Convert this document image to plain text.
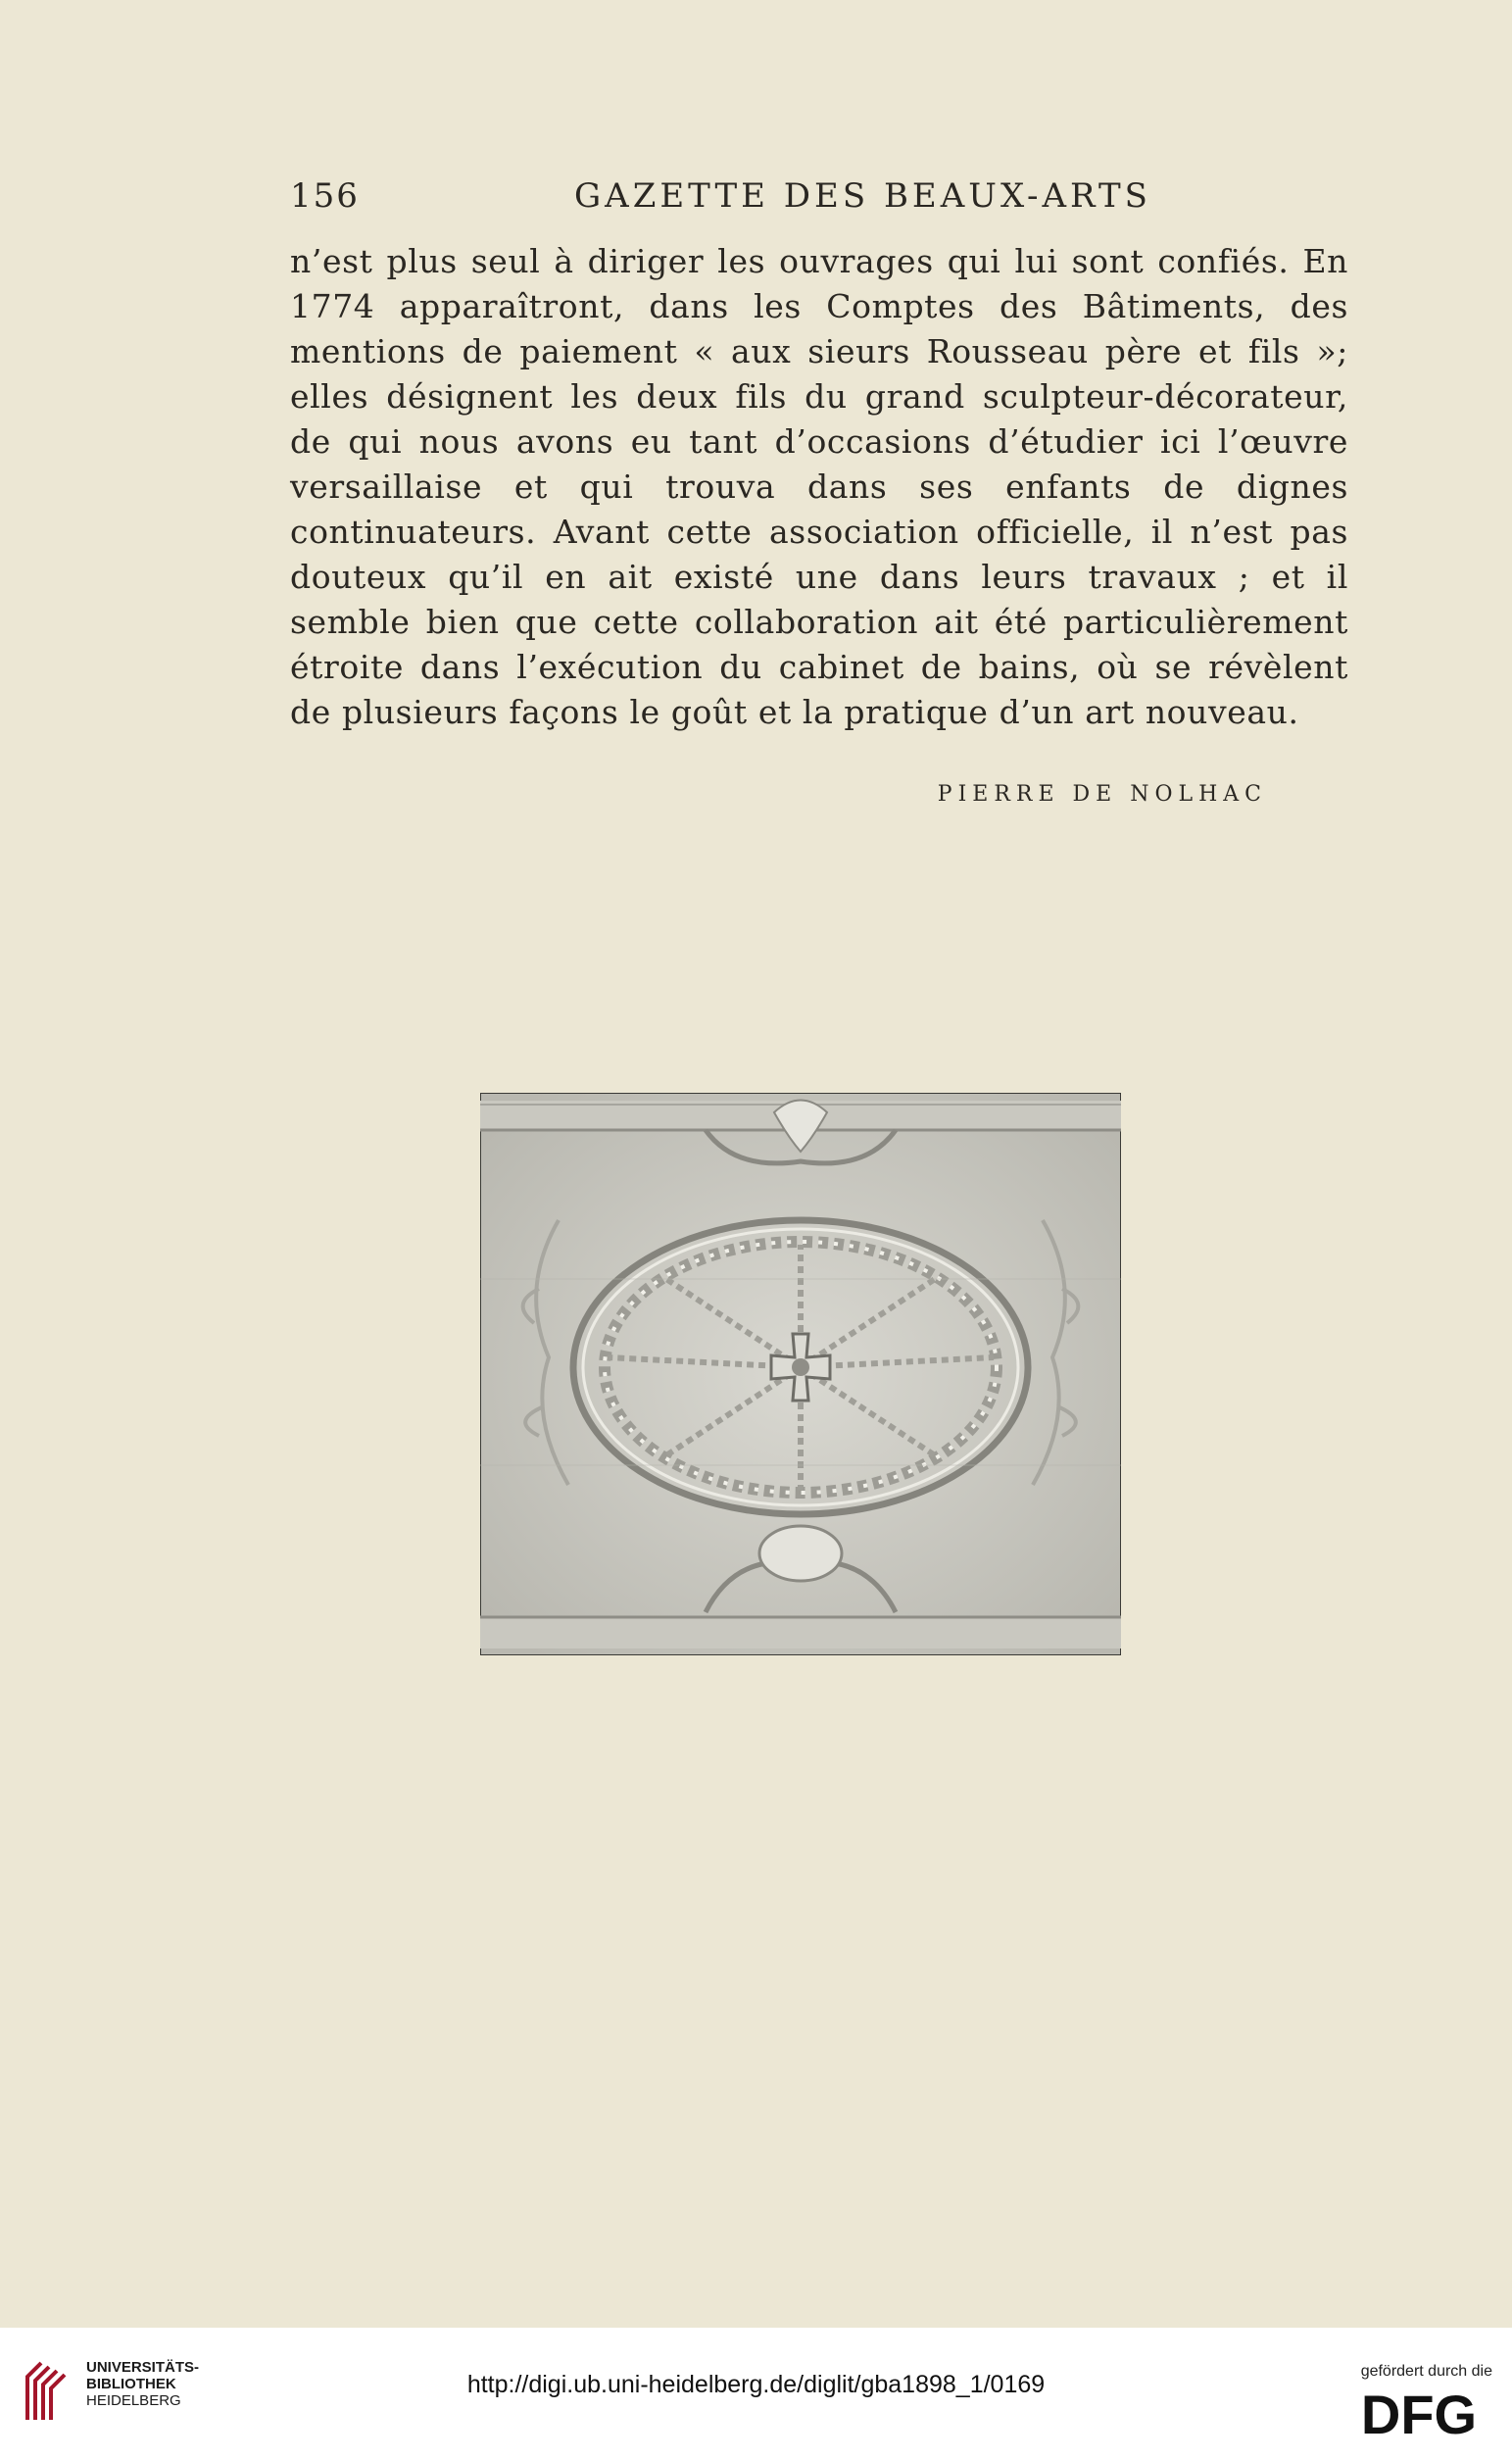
156	GAZETTE DES BEAUX-ARTS

n’est plus seul à diriger les ouvrages qui lui sont confiés. En 1774 apparaîtront, dans les Comptes des Bâtiments, des mentions de paiement « aux sieurs Rousseau père et fils »; elles désignent les deux fils du grand sculpteur-décorateur, de qui nous avons eu tant d’occasions d’étudier ici l’œuvre versaillaise et qui trouva dans ses enfants de dignes continuateurs. Avant cette association officielle, il n’est pas douteux qu’il en ait existé une dans leurs travaux ; et il semble bien que cette collaboration ait été particulièrement étroite dans l’exécution du cabinet de bains, où se révèlent de plusieurs façons le goût et la pratique d’un art nouveau.

PIERRE DE NOLHAC
UNIVERSITÄTS-
BIBLIOTHEK
HEIDELBERG
http://digi.ub.uni-heidelberg.de/diglit/gba1898_1/0169	gefördert durch die
DFG
